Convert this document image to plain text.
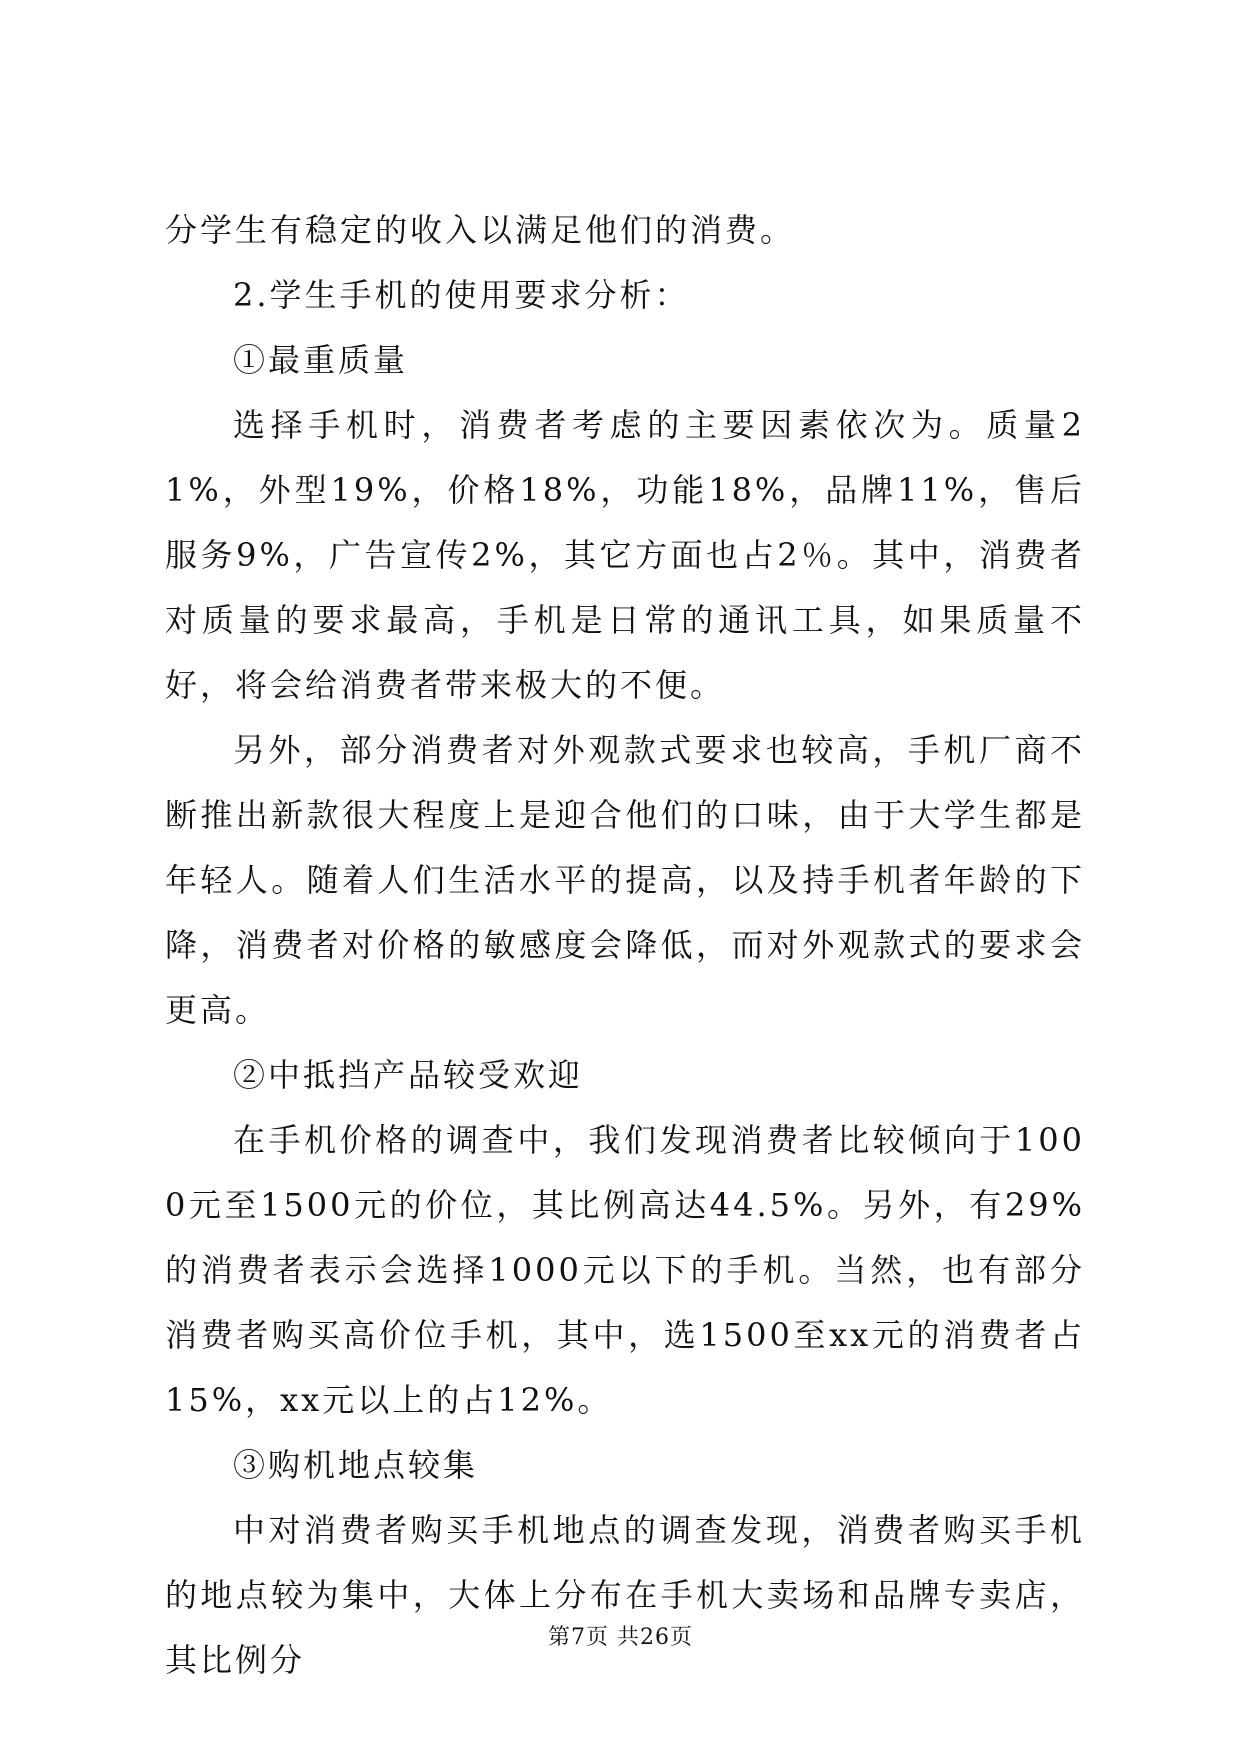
分学生有稳定的收入以满足他们的消费。

2.学生手机的使用要求分析：

①最重质量

选择手机时，消费者考虑的主要因素依次为。质量21%，外型19%，价格18%，功能18%，品牌11%，售后服务9%，广告宣传2%，其它方面也占2％。其中，消费者对质量的要求最高，手机是日常的通讯工具，如果质量不好，将会给消费者带来极大的不便。

另外，部分消费者对外观款式要求也较高，手机厂商不断推出新款很大程度上是迎合他们的口味，由于大学生都是年轻人。随着人们生活水平的提高，以及持手机者年龄的下降，消费者对价格的敏感度会降低，而对外观款式的要求会更高。

②中抵挡产品较受欢迎

在手机价格的调查中，我们发现消费者比较倾向于1000元至1500元的价位，其比例高达44.5%。另外，有29%的消费者表示会选择1000元以下的手机。当然，也有部分消费者购买高价位手机，其中，选1500至xx元的消费者占15%，xx元以上的占12%。

③购机地点较集

中对消费者购买手机地点的调查发现，消费者购买手机的地点较为集中，大体上分布在手机大卖场和品牌专卖店，其比例分

第7页 共26页
